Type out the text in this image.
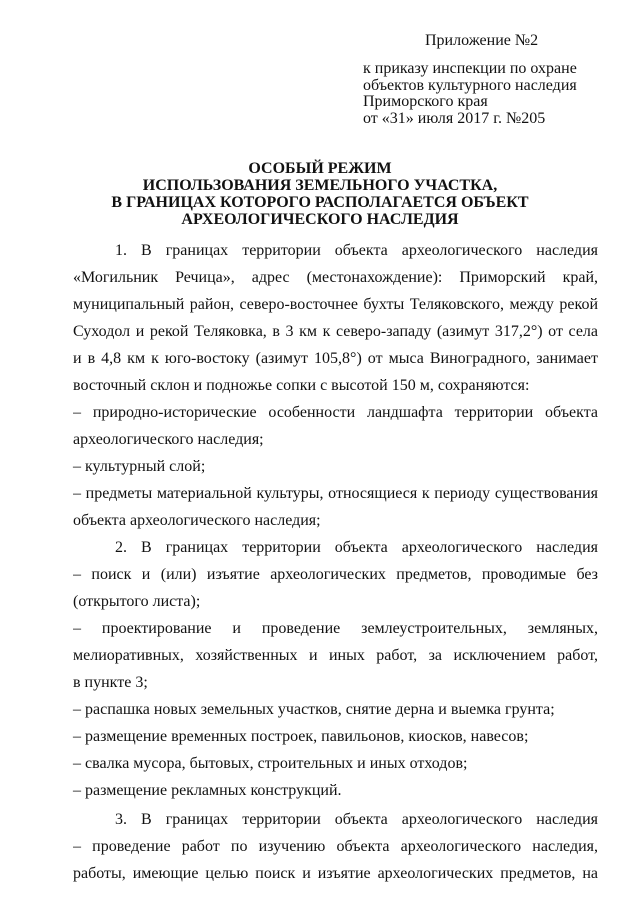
Приложение №2
к приказу инспекции по охране
объектов культурного наследия
Приморского края
от «31» июля 2017 г. №205
ОСОБЫЙ РЕЖИМ
ИСПОЛЬЗОВАНИЯ ЗЕМЕЛЬНОГО УЧАСТКА,
В ГРАНИЦАХ КОТОРОГО РАСПОЛАГАЕТСЯ ОБЪЕКТ
АРХЕОЛОГИЧЕСКОГО НАСЛЕДИЯ
1. В границах территории объекта археологического наследия
«Могильник Речица», адрес (местонахождение): Приморский край,
муниципальный район, северо-восточнее бухты Теляковского, между рекой
Суходол и рекой Теляковка, в 3 км к северо-западу (азимут 317,2°) от села
и в 4,8 км к юго-востоку (азимут 105,8°) от мыса Виноградного, занимает
восточный склон и подножье сопки с высотой 150 м, сохраняются:
– природно-исторические особенности ландшафта территории объекта
археологического наследия;
– культурный слой;
– предметы материальной культуры, относящиеся к периоду существования
объекта археологического наследия;
2. В границах территории объекта археологического наследия
– поиск и (или) изъятие археологических предметов, проводимые без
(открытого листа);
– проектирование и проведение землеустроительных, земляных,
мелиоративных, хозяйственных и иных работ, за исключением работ,
в пункте 3;
– распашка новых земельных участков, снятие дерна и выемка грунта;
– размещение временных построек, павильонов, киосков, навесов;
– свалка мусора, бытовых, строительных и иных отходов;
– размещение рекламных конструкций.
3. В границах территории объекта археологического наследия
– проведение работ по изучению объекта археологического наследия,
работы, имеющие целью поиск и изъятие археологических предметов, на
